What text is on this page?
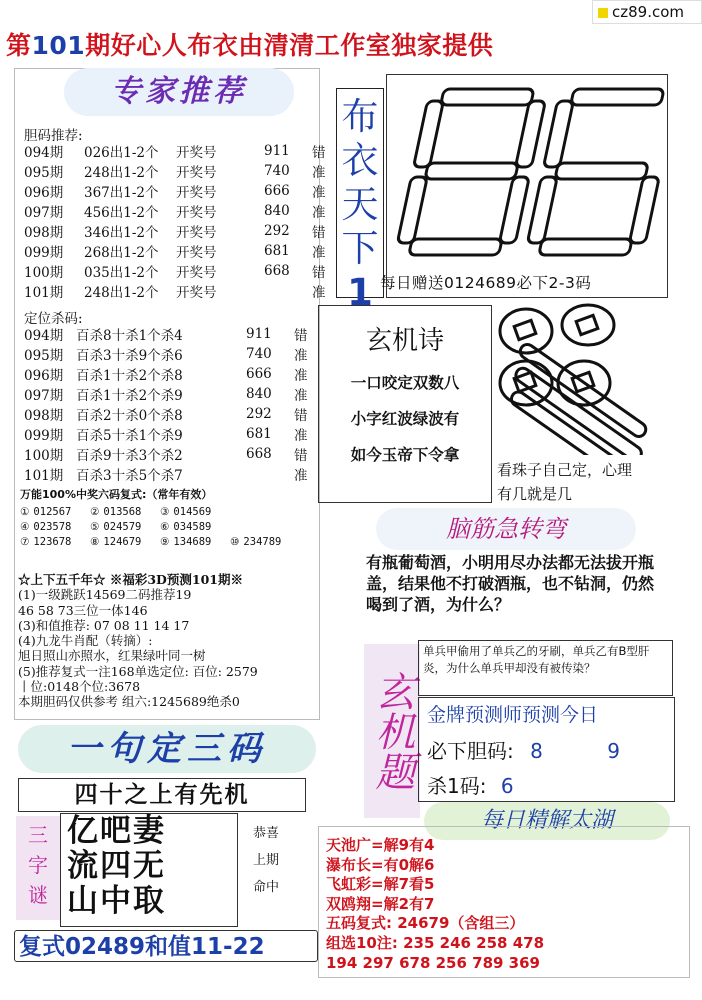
cz89.com
第101期好心人布衣由清清工作室独家提供
专家推荐
胆码推荐:
094期	026出1-2个	开奖号	911	错
095期	248出1-2个	开奖号	740	准
096期	367出1-2个	开奖号	666	准
097期	456出1-2个	开奖号	840	准
098期	346出1-2个	开奖号	292	错
099期	268出1-2个	开奖号	681	准
100期	035出1-2个	开奖号	668	错
101期	248出1-2个	开奖号		准
定位杀码:
094期	百杀8十杀1个杀4	911	错
095期	百杀3十杀9个杀6	740	准
096期	百杀1十杀2个杀8	666	准
097期	百杀1十杀2个杀9	840	准
098期	百杀2十杀0个杀8	292	错
099期	百杀5十杀1个杀9	681	准
100期	百杀9十杀3个杀2	668	错
101期	百杀3十杀5个杀7		准
万能100%中奖六码复式:（常年有效）
① 012567	② 013568	③ 014569
④ 023578	⑤ 024579	⑥ 034589
⑦ 123678	⑧ 124679	⑨ 134689	⑩ 234789
☆上下五千年☆ ※福彩3D预测101期※
(1)一级跳跃14569二码推荐19
46 58 73三位一体146
(3)和值推荐: 07 08 11 14 17
(4)九龙牛肖配（转摘）:
旭日照山亦照水，红果绿叶同一树
(5)推荐复式一注168单选定位: 百位: 2579
丨位:0148个位:3678
本期胆码仅供参考 组六:1245689绝杀0
一句定三码
四十之上有先机
三
字
谜
亿吧妻
流四无
山中取
恭喜
上期
命中
复式02489和值11-22
布
衣
天
下
1 每日赠送0124689必下2-3码
玄机诗
一口咬定双数八
小字红波绿波有
如今玉帝下令拿
看珠子自己定，心理
有几就是几
脑筋急转弯
有瓶葡萄酒，小明用尽办法都无法拔开瓶盖，结果他不打破酒瓶，也不钻洞，仍然喝到了酒，为什么？
玄机题
单兵甲偷用了单兵乙的牙刷，单兵乙有B型肝炎，为什么单兵甲却没有被传染？
金牌预测师预测今日
必下胆码: 8	9
杀1码: 6
每日精解太湖
天池广=解9有4
瀑布长=有0解6
飞虹彩=解7看5
双鸥翔=解2有7
五码复式: 24679（含组三）
组选10注: 235 246 258 478
194 297 678 256 789 369
